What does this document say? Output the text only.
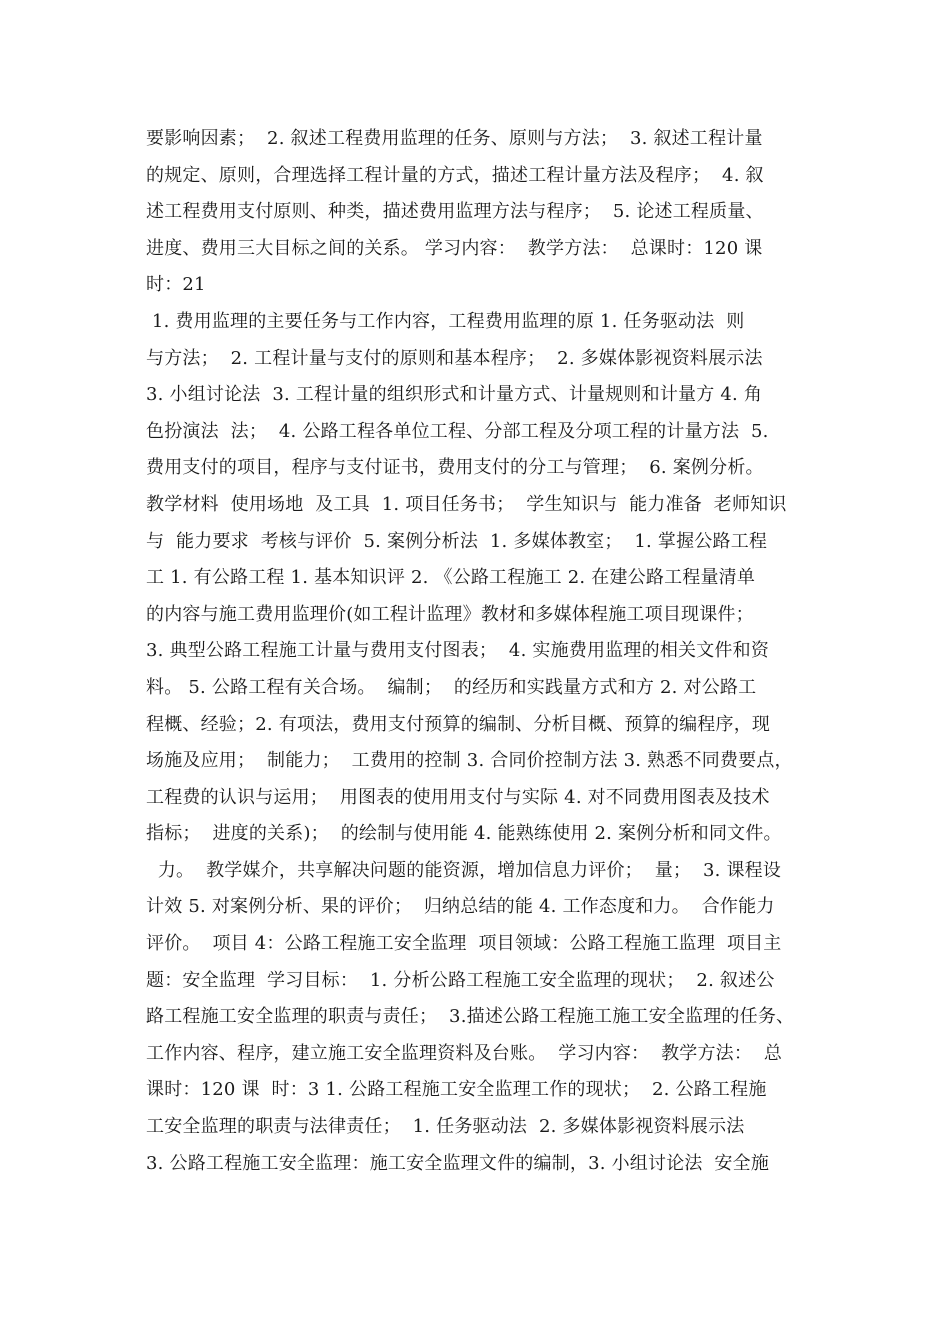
要影响因素；  2. 叙述工程费用监理的任务、原则与方法；  3. 叙述工程计量
的规定、原则，合理选择工程计量的方式，描述工程计量方法及程序；  4. 叙
述工程费用支付原则、种类，描述费用监理方法与程序；  5. 论述工程质量、
进度、费用三大目标之间的关系。 学习内容：  教学方法：  总课时：120 课
时：21
1. 费用监理的主要任务与工作内容，工程费用监理的原 1. 任务驱动法  则
与方法；  2. 工程计量与支付的原则和基本程序；  2. 多媒体影视资料展示法
3. 小组讨论法  3. 工程计量的组织形式和计量方式、计量规则和计量方 4. 角
色扮演法  法；  4. 公路工程各单位工程、分部工程及分项工程的计量方法  5.
费用支付的项目，程序与支付证书，费用支付的分工与管理；  6. 案例分析。
教学材料  使用场地  及工具  1. 项目任务书；  学生知识与  能力准备  老师知识
与  能力要求  考核与评价  5. 案例分析法  1. 多媒体教室；  1. 掌握公路工程
工 1. 有公路工程 1. 基本知识评 2. 《公路工程施工 2. 在建公路工程量清单
的内容与施工费用监理价(如工程计监理》教材和多媒体程施工项目现课件；
3. 典型公路工程施工计量与费用支付图表；  4. 实施费用监理的相关文件和资
料。 5. 公路工程有关合场。  编制；  的经历和实践量方式和方 2. 对公路工
程概、经验；2. 有项法，费用支付预算的编制、分析目概、预算的编程序，现
场施及应用；  制能力；  工费用的控制 3. 合同价控制方法 3. 熟悉不同费要点，
工程费的认识与运用；  用图表的使用用支付与实际 4. 对不同费用图表及技术
指标；  进度的关系)；  的绘制与使用能 4. 能熟练使用 2. 案例分析和同文件。
力。  教学媒介，共享解决问题的能资源，增加信息力评价；  量；  3. 课程设
计效 5. 对案例分析、果的评价；  归纳总结的能 4. 工作态度和力。  合作能力
评价。  项目 4：公路工程施工安全监理  项目领域：公路工程施工监理  项目主
题：安全监理  学习目标：  1. 分析公路工程施工安全监理的现状；  2. 叙述公
路工程施工安全监理的职责与责任；  3.描述公路工程施工施工安全监理的任务、
工作内容、程序，建立施工安全监理资料及台账。  学习内容：  教学方法：  总
课时：120 课  时：3 1. 公路工程施工安全监理工作的现状；  2. 公路工程施
工安全监理的职责与法律责任；  1. 任务驱动法  2. 多媒体影视资料展示法
3. 公路工程施工安全监理：施工安全监理文件的编制，3. 小组讨论法  安全施
